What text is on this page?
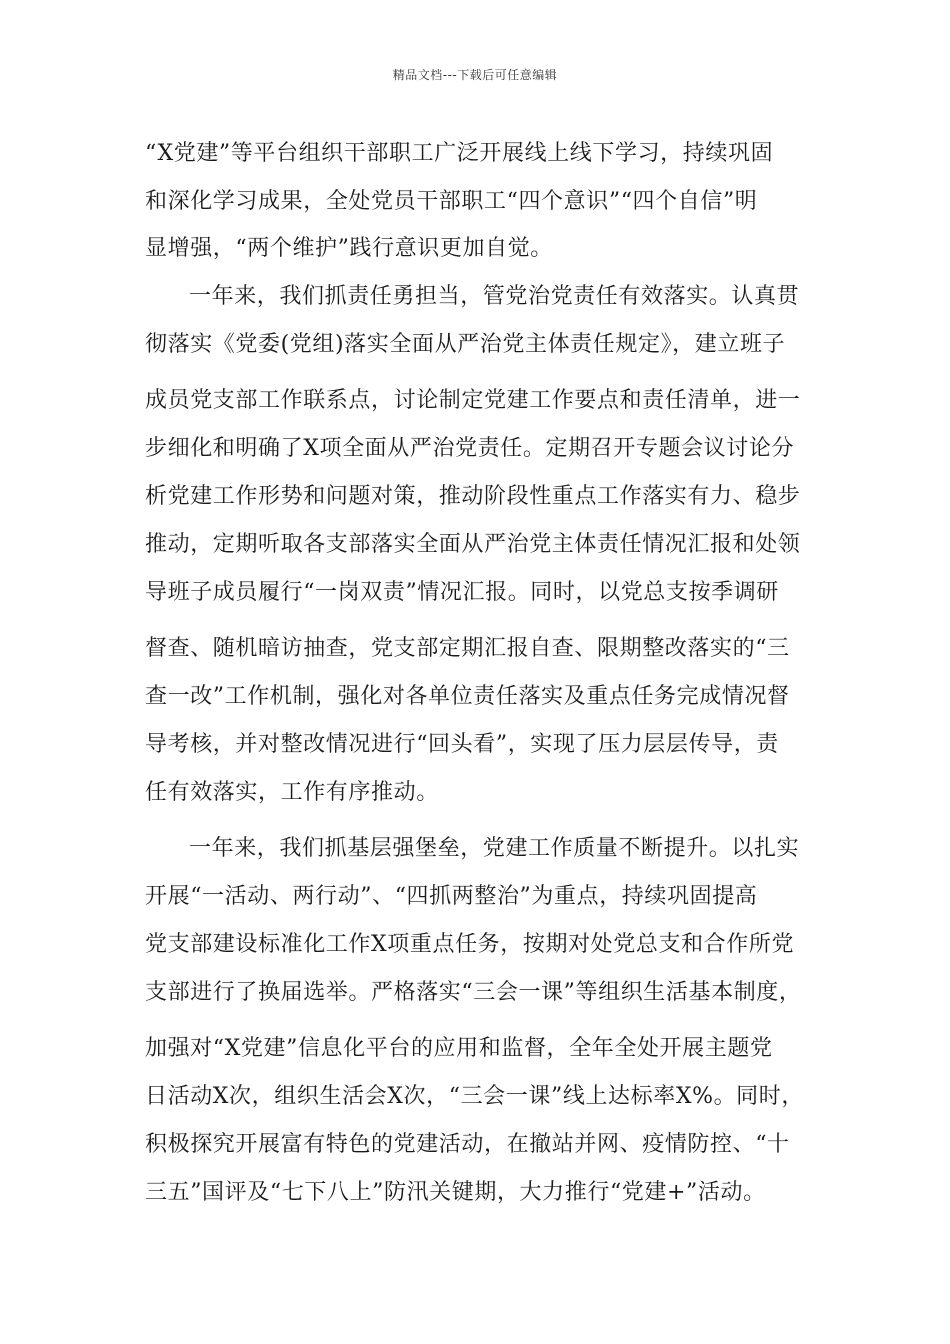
精品文档---下载后可任意编辑
“X党建”等平台组织干部职工广泛开展线上线下学习，持续巩固
和深化学习成果，全处党员干部职工“四个意识”“四个自信”明
显增强，“两个维护”践行意识更加自觉。
一年来，我们抓责任勇担当，管党治党责任有效落实。认真贯
彻落实《党委(党组)落实全面从严治党主体责任规定》，建立班子
成员党支部工作联系点，讨论制定党建工作要点和责任清单，进一
步细化和明确了X项全面从严治党责任。定期召开专题会议讨论分
析党建工作形势和问题对策，推动阶段性重点工作落实有力、稳步
推动，定期听取各支部落实全面从严治党主体责任情况汇报和处领
导班子成员履行“一岗双责”情况汇报。同时，以党总支按季调研
督查、随机暗访抽查，党支部定期汇报自查、限期整改落实的“三
查一改”工作机制，强化对各单位责任落实及重点任务完成情况督
导考核，并对整改情况进行“回头看”，实现了压力层层传导，责
任有效落实，工作有序推动。
一年来，我们抓基层强堡垒，党建工作质量不断提升。以扎实
开展“一活动、两行动”、“四抓两整治”为重点，持续巩固提高
党支部建设标准化工作X项重点任务，按期对处党总支和合作所党
支部进行了换届选举。严格落实“三会一课”等组织生活基本制度，
加强对“X党建”信息化平台的应用和监督，全年全处开展主题党
日活动X次，组织生活会X次，“三会一课”线上达标率X%。同时，
积极探究开展富有特色的党建活动，在撤站并网、疫情防控、“十
三五”国评及“七下八上”防汛关键期，大力推行“党建+”活动。
